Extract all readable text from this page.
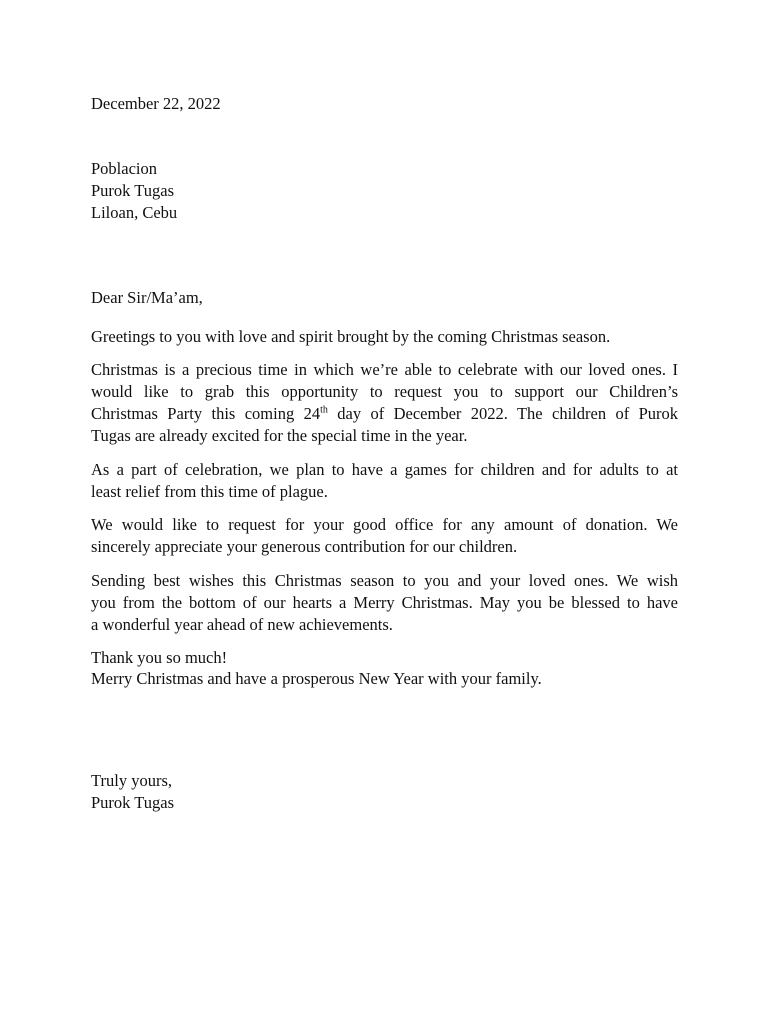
December 22, 2022
Poblacion
Purok Tugas
Liloan, Cebu
Dear Sir/Ma’am,
Greetings to you with love and spirit brought by the coming Christmas season.
Christmas is a precious time in which we’re able to celebrate with our loved ones. I
would like to grab this opportunity to request you to support our Children’s
Christmas Party this coming 24th day of December 2022. The children of Purok
Tugas are already excited for the special time in the year.
As a part of celebration, we plan to have a games for children and for adults to at
least relief from this time of plague.
We would like to request for your good office for any amount of donation. We
sincerely appreciate your generous contribution for our children.
Sending best wishes this Christmas season to you and your loved ones. We wish
you from the bottom of our hearts a Merry Christmas. May you be blessed to have
a wonderful year ahead of new achievements.
Thank you so much!
Merry Christmas and have a prosperous New Year with your family.
Truly yours,
Purok Tugas
